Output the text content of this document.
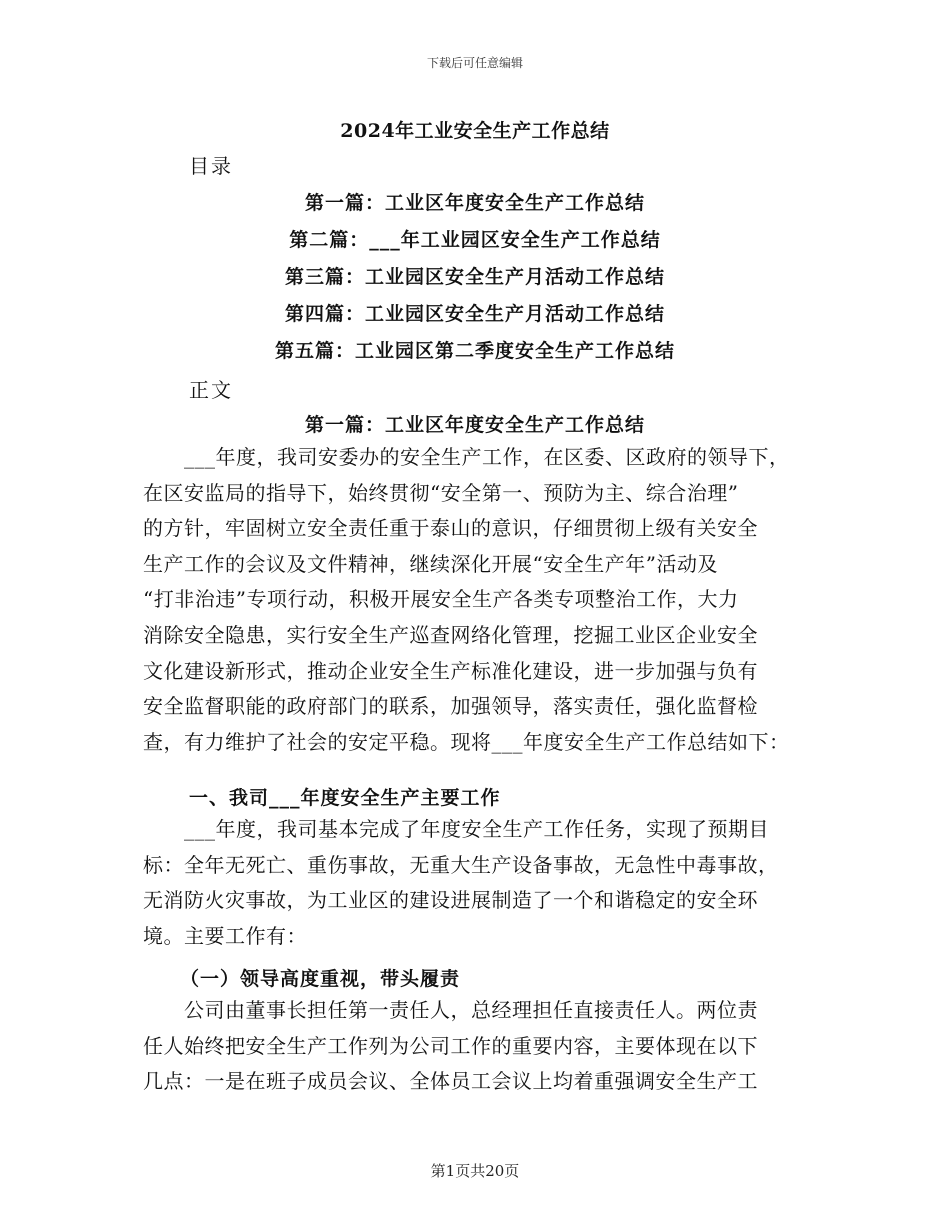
下载后可任意编辑
2024年工业安全生产工作总结
目录
第一篇：工业区年度安全生产工作总结
第二篇：___年工业园区安全生产工作总结
第三篇：工业园区安全生产月活动工作总结
第四篇：工业园区安全生产月活动工作总结
第五篇：工业园区第二季度安全生产工作总结
正文
第一篇：工业区年度安全生产工作总结
　　___年度，我司安委办的安全生产工作，在区委、区政府的领导下，
在区安监局的指导下，始终贯彻“安全第一、预防为主、综合治理”
的方针，牢固树立安全责任重于泰山的意识，仔细贯彻上级有关安全
生产工作的会议及文件精神，继续深化开展“安全生产年”活动及
“打非治违”专项行动，积极开展安全生产各类专项整治工作，大力
消除安全隐患，实行安全生产巡查网络化管理，挖掘工业区企业安全
文化建设新形式，推动企业安全生产标准化建设，进一步加强与负有
安全监督职能的政府部门的联系，加强领导，落实责任，强化监督检
查，有力维护了社会的安定平稳。现将___年度安全生产工作总结如下：
一、我司___年度安全生产主要工作
　　___年度，我司基本完成了年度安全生产工作任务，实现了预期目
标：全年无死亡、重伤事故，无重大生产设备事故，无急性中毒事故，
无消防火灾事故，为工业区的建设进展制造了一个和谐稳定的安全环
境。主要工作有：
（一）领导高度重视，带头履责
　　公司由董事长担任第一责任人，总经理担任直接责任人。两位责
任人始终把安全生产工作列为公司工作的重要内容，主要体现在以下
几点：一是在班子成员会议、全体员工会议上均着重强调安全生产工
第1页共20页
